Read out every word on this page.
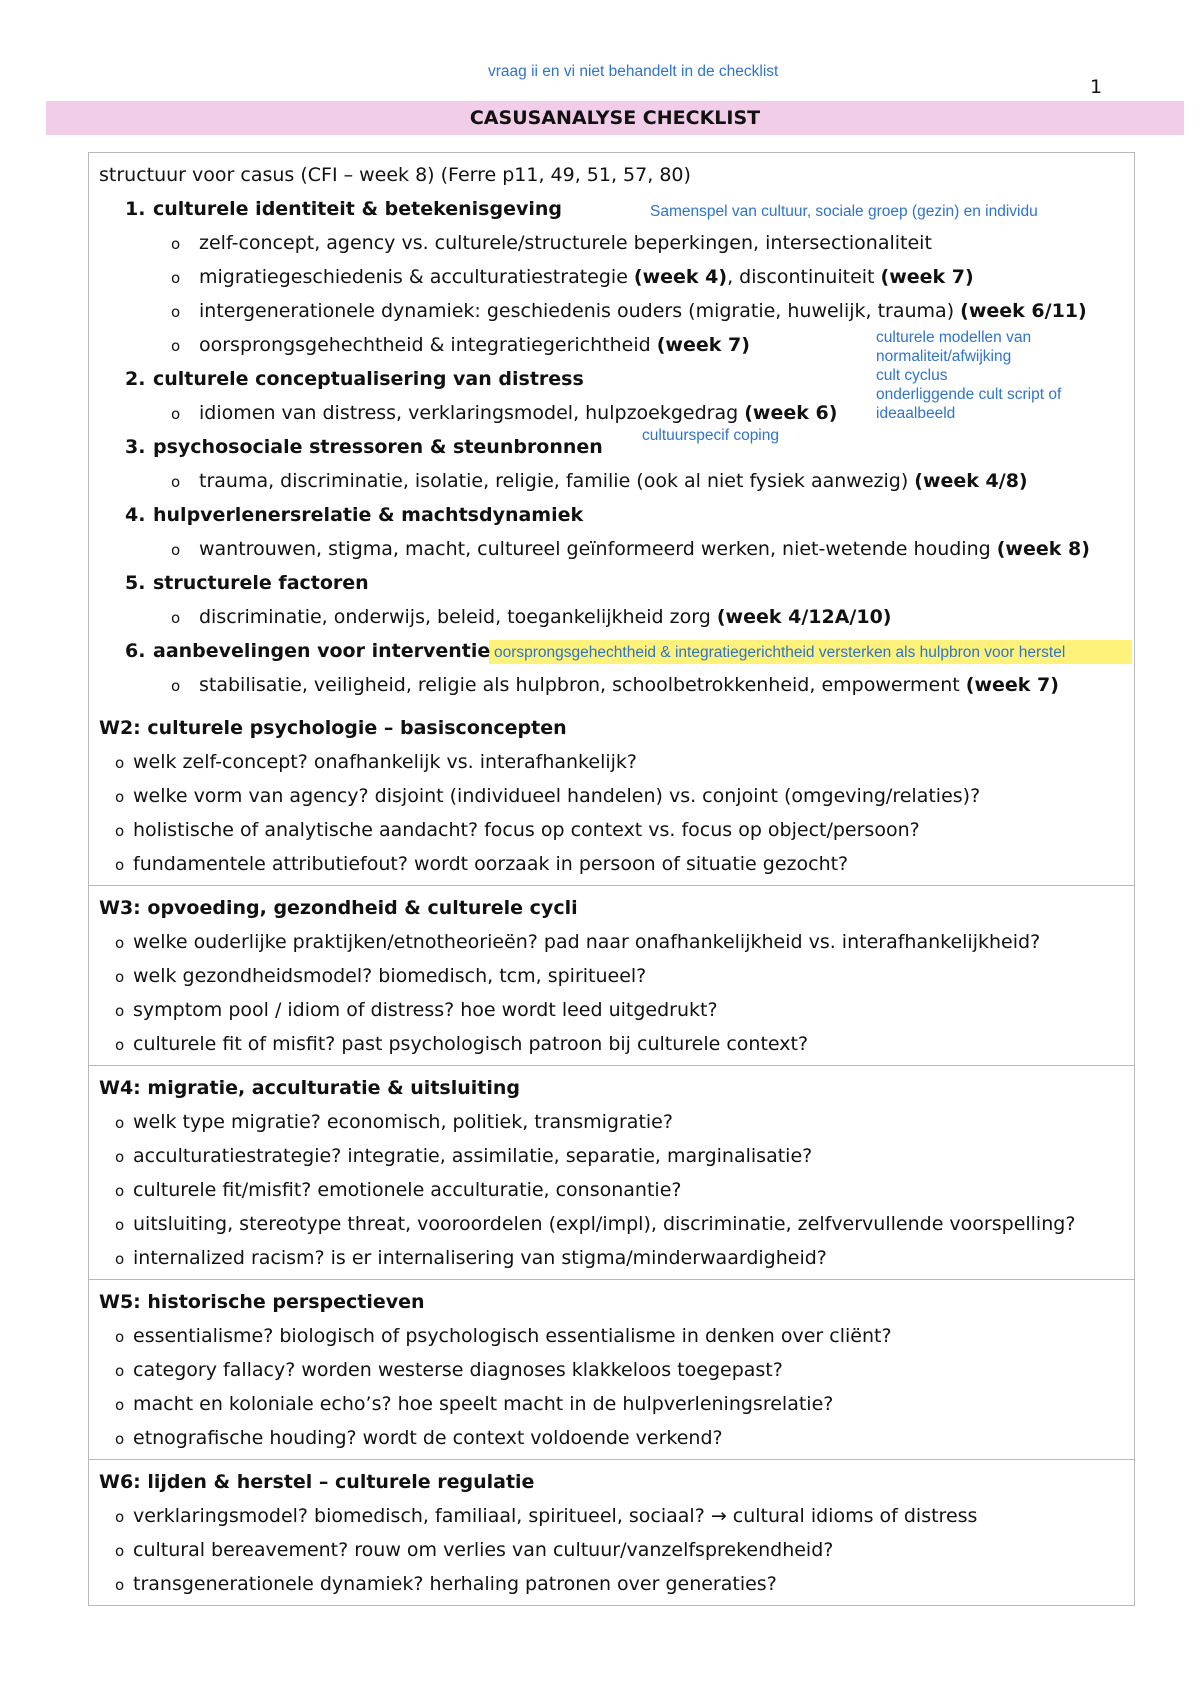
vraag ii en vi niet behandelt in de checklist
1
CASUSANALYSE CHECKLIST
structuur voor casus (CFI – week 8) (Ferre p11, 49, 51, 57, 80)
1. culturele identiteit & betekenisgeving
o zelf-concept, agency vs. culturele/structurele beperkingen, intersectionaliteit
o migratiegeschiedenis & acculturatiestrategie (week 4), discontinuiteit (week 7)
o intergenerationele dynamiek: geschiedenis ouders (migratie, huwelijk, trauma) (week 6/11)
o oorsprongsgehechtheid & integratiegerichtheid (week 7)
2. culturele conceptualisering van distress
o idiomen van distress, verklaringsmodel, hulpzoekgedrag (week 6)
3. psychosociale stressoren & steunbronnen
o trauma, discriminatie, isolatie, religie, familie (ook al niet fysiek aanwezig) (week 4/8)
4. hulpverlenersrelatie & machtsdynamiek
o wantrouwen, stigma, macht, cultureel geïnformeerd werken, niet-wetende houding (week 8)
5. structurele factoren
o discriminatie, onderwijs, beleid, toegankelijkheid zorg (week 4/12A/10)
6. aanbevelingen voor interventie
o stabilisatie, veiligheid, religie als hulpbron, schoolbetrokkenheid, empowerment (week 7)
W2: culturele psychologie – basisconcepten
o welk zelf-concept? onafhankelijk vs. interafhankelijk?
o welke vorm van agency? disjoint (individueel handelen) vs. conjoint (omgeving/relaties)?
o holistische of analytische aandacht? focus op context vs. focus op object/persoon?
o fundamentele attributiefout? wordt oorzaak in persoon of situatie gezocht?
W3: opvoeding, gezondheid & culturele cycli
o welke ouderlijke praktijken/etnotheorieën? pad naar onafhankelijkheid vs. interafhankelijkheid?
o welk gezondheidsmodel? biomedisch, tcm, spiritueel?
o symptom pool / idiom of distress? hoe wordt leed uitgedrukt?
o culturele fit of misfit? past psychologisch patroon bij culturele context?
W4: migratie, acculturatie & uitsluiting
o welk type migratie? economisch, politiek, transmigratie?
o acculturatiestrategie? integratie, assimilatie, separatie, marginalisatie?
o culturele fit/misfit? emotionele acculturatie, consonantie?
o uitsluiting, stereotype threat, vooroordelen (expl/impl), discriminatie, zelfvervullende voorspelling?
o internalized racism? is er internalisering van stigma/minderwaardigheid?
W5: historische perspectieven
o essentialisme? biologisch of psychologisch essentialisme in denken over cliënt?
o category fallacy? worden westerse diagnoses klakkeloos toegepast?
o macht en koloniale echo’s? hoe speelt macht in de hulpverleningsrelatie?
o etnografische houding? wordt de context voldoende verkend?
W6: lijden & herstel – culturele regulatie
o verklaringsmodel? biomedisch, familiaal, spiritueel, sociaal? → cultural idioms of distress
o cultural bereavement? rouw om verlies van cultuur/vanzelfsprekendheid?
o transgenerationele dynamiek? herhaling patronen over generaties?
Samenspel van cultuur, sociale groep (gezin) en individu
culturele modellen van
normaliteit/afwijking
cult cyclus
onderliggende cult script of
ideaalbeeld
cultuurspecif coping
oorsprongsgehechtheid & integratiegerichtheid versterken als hulpbron voor herstel
